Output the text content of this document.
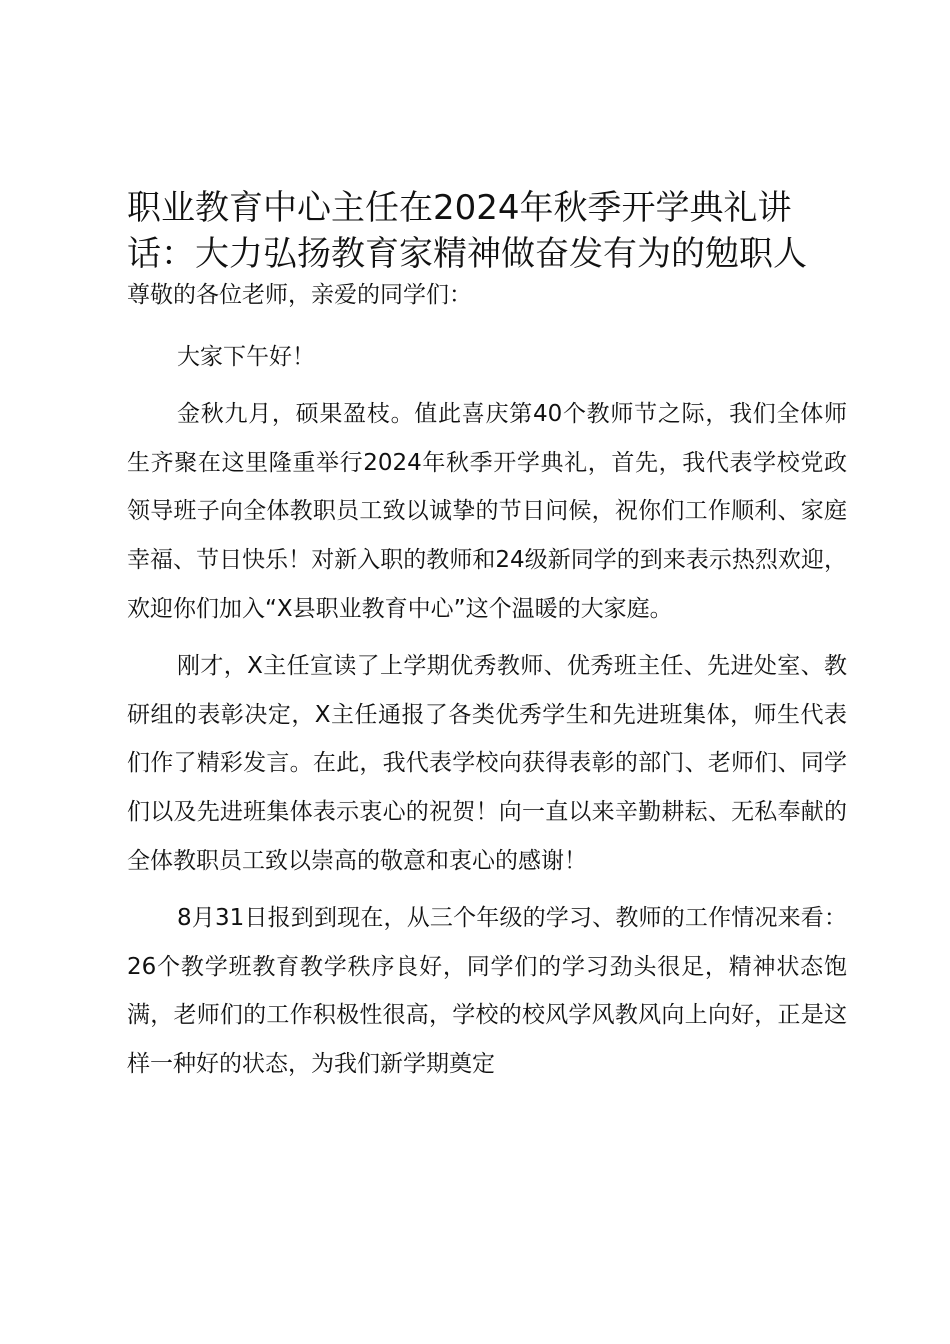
职业教育中心主任在2024年秋季开学典礼讲话：大力弘扬教育家精神做奋发有为的勉职人

尊敬的各位老师，亲爱的同学们：

大家下午好！

金秋九月，硕果盈枝。值此喜庆第40个教师节之际，我们全体师生齐聚在这里隆重举行2024年秋季开学典礼，首先，我代表学校党政领导班子向全体教职员工致以诚挚的节日问候，祝你们工作顺利、家庭幸福、节日快乐！对新入职的教师和24级新同学的到来表示热烈欢迎，欢迎你们加入“X县职业教育中心”这个温暖的大家庭。

刚才，X主任宣读了上学期优秀教师、优秀班主任、先进处室、教研组的表彰决定，X主任通报了各类优秀学生和先进班集体，师生代表们作了精彩发言。在此，我代表学校向获得表彰的部门、老师们、同学们以及先进班集体表示衷心的祝贺！向一直以来辛勤耕耘、无私奉献的全体教职员工致以崇高的敬意和衷心的感谢！

8月31日报到到现在，从三个年级的学习、教师的工作情况来看：26个教学班教育教学秩序良好，同学们的学习劲头很足，精神状态饱满，老师们的工作积极性很高，学校的校风学风教风向上向好，正是这样一种好的状态，为我们新学期奠定
